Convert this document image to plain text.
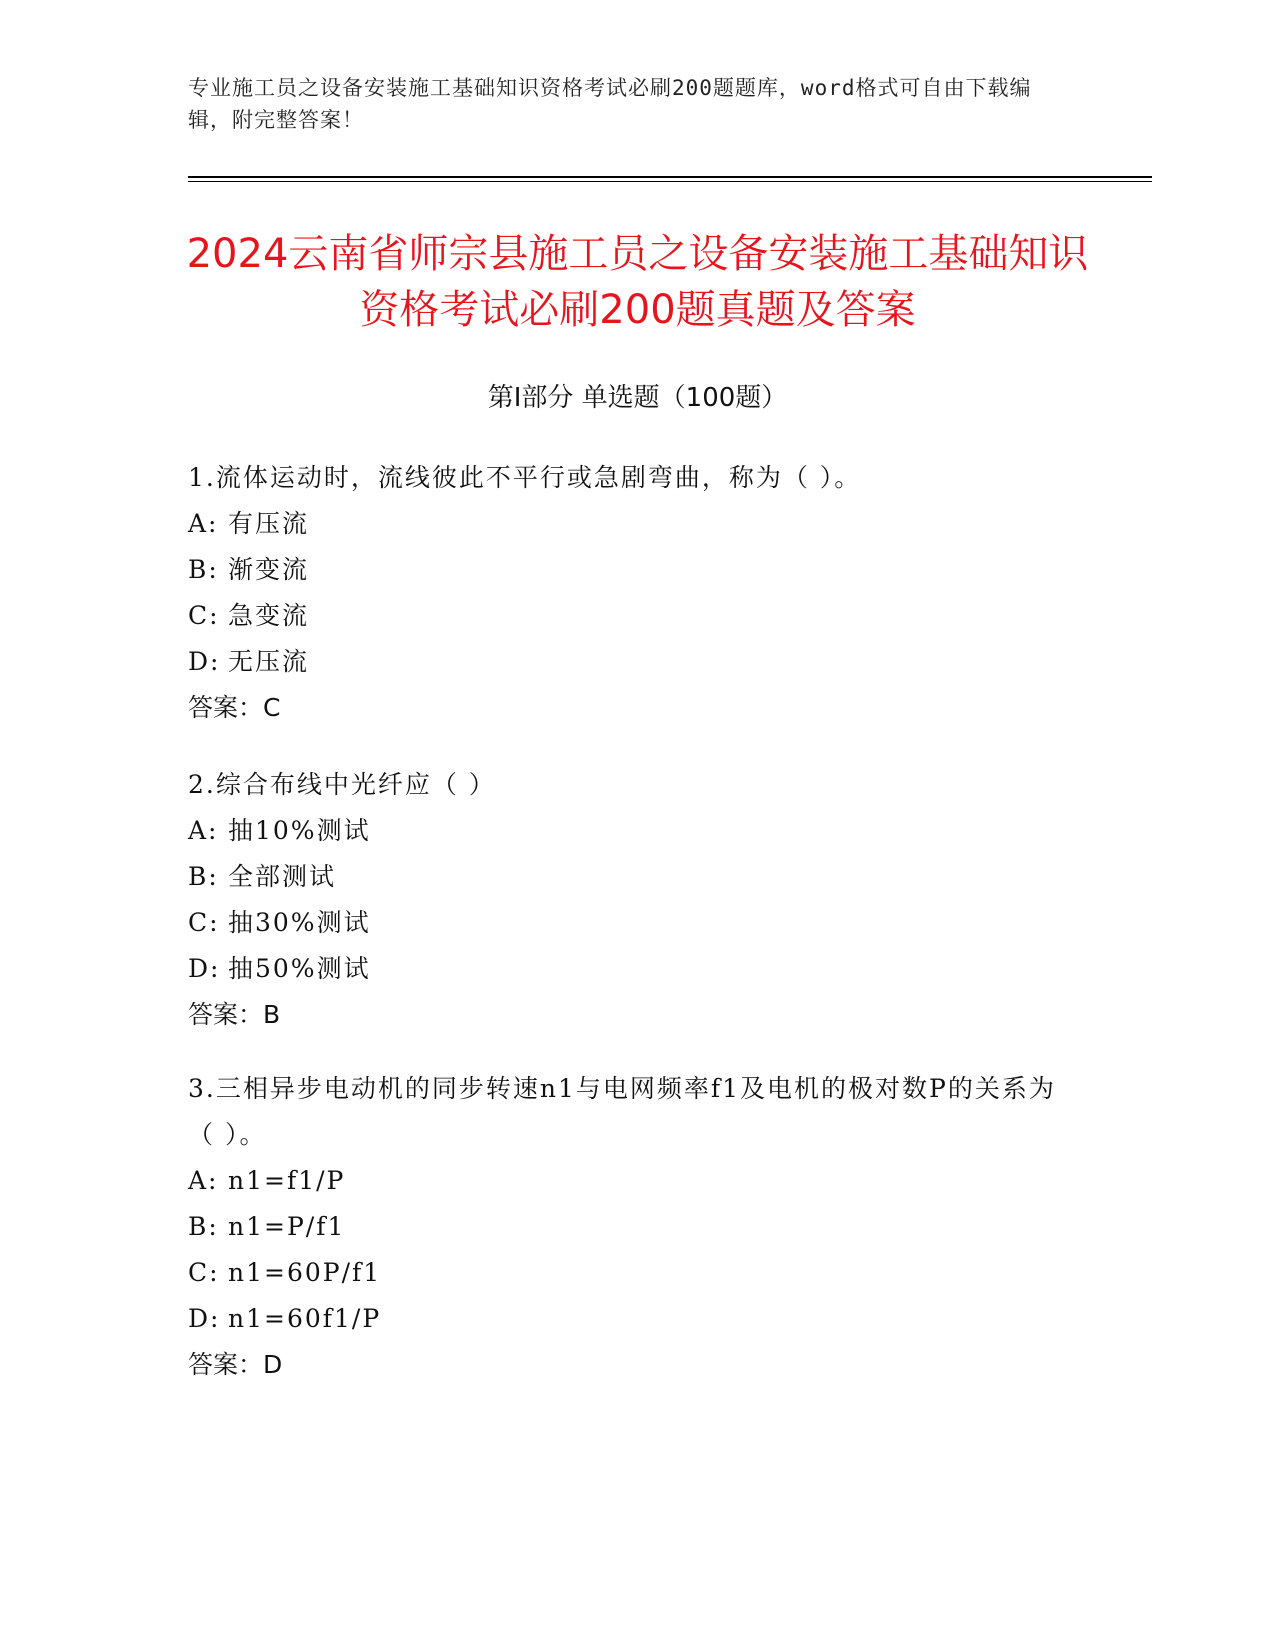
专业施工员之设备安装施工基础知识资格考试必刷200题题库，word格式可自由下载编辑，附完整答案！
2024云南省师宗县施工员之设备安装施工基础知识资格考试必刷200题真题及答案
第Ⅰ部分 单选题（100题）

1.流体运动时，流线彼此不平行或急剧弯曲，称为（ ）。

A: 有压流

B: 渐变流

C: 急变流

D: 无压流

答案：C

2.综合布线中光纤应（ ）

A: 抽10%测试

B: 全部测试

C: 抽30%测试

D: 抽50%测试

答案：B

3.三相异步电动机的同步转速n1与电网频率f1及电机的极对数P的关系为（ ）。

A: n1=f1/P

B: n1=P/f1

C: n1=60P/f1

D: n1=60f1/P

答案：D
